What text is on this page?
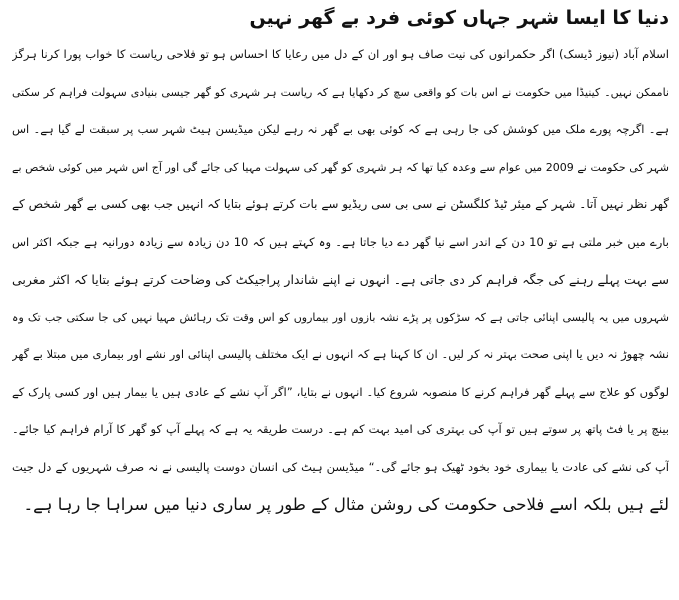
دنیا کا ایسا شہر جہاں کوئی فرد بے گھر نہیں
اسلام آباد (نیوز ڈیسک) اگر حکمرانوں کی نیت صاف ہو اور ان کے دل میں رعایا کا احساس ہو تو فلاحی ریاست کا خواب پورا کرنا ہرگز
ناممکن نہیں۔ کینیڈا میں حکومت نے اس بات کو واقعی سچ کر دکھایا ہے کہ ریاست ہر شہری کو گھر جیسی بنیادی سہولت فراہم کر سکتی
ہے۔ اگرچہ پورے ملک میں کوشش کی جا رہی ہے کہ کوئی بھی بے گھر نہ رہے لیکن میڈیسن ہیٹ شہر سب پر سبقت لے گیا ہے۔ اس
شہر کی حکومت نے 2009 میں عوام سے وعدہ کیا تھا کہ ہر شہری کو گھر کی سہولت مہیا کی جائے گی اور آج اس شہر میں کوئی شخص بے
گھر نظر نہیں آتا۔ شہر کے میئر ٹیڈ کلگسٹن نے سی بی سی ریڈیو سے بات کرتے ہوئے بتایا کہ انہیں جب بھی کسی بے گھر شخص کے
بارے میں خبر ملتی ہے تو 10 دن کے اندر اسے نیا گھر دے دیا جاتا ہے۔ وہ کہتے ہیں کہ 10 دن زیادہ سے زیادہ دورانیہ ہے جبکہ اکثر اس
سے بہت پہلے رہنے کی جگہ فراہم کر دی جاتی ہے۔ انہوں نے اپنے شاندار پراجیکٹ کی وضاحت کرتے ہوئے بتایا کہ اکثر مغربی
شہروں میں یہ پالیسی اپنائی جاتی ہے کہ سڑکوں پر پڑے نشہ بازوں اور بیماروں کو اس وقت تک رہائش مہیا نہیں کی جا سکتی جب تک وہ
نشہ چھوڑ نہ دیں یا اپنی صحت بہتر نہ کر لیں۔ ان کا کہنا ہے کہ انہوں نے ایک مختلف پالیسی اپنائی اور نشے اور بیماری میں مبتلا بے گھر
لوگوں کو علاج سے پہلے گھر فراہم کرنے کا منصوبہ شروع کیا۔ انہوں نے بتایا، ”اگر آپ نشے کے عادی ہیں یا بیمار ہیں اور کسی پارک کے
بینچ پر یا فٹ پاتھ پر سوتے ہیں تو آپ کی بہتری کی امید بہت کم ہے۔ درست طریقہ یہ ہے کہ پہلے آپ کو گھر کا آرام فراہم کیا جائے۔
آپ کی نشے کی عادت یا بیماری خود بخود ٹھیک ہو جائے گی۔“ میڈیسن ہیٹ کی انسان دوست پالیسی نے نہ صرف شہریوں کے دل جیت
لئے ہیں بلکہ اسے فلاحی حکومت کی روشن مثال کے طور پر ساری دنیا میں سراہا جا رہا ہے۔
